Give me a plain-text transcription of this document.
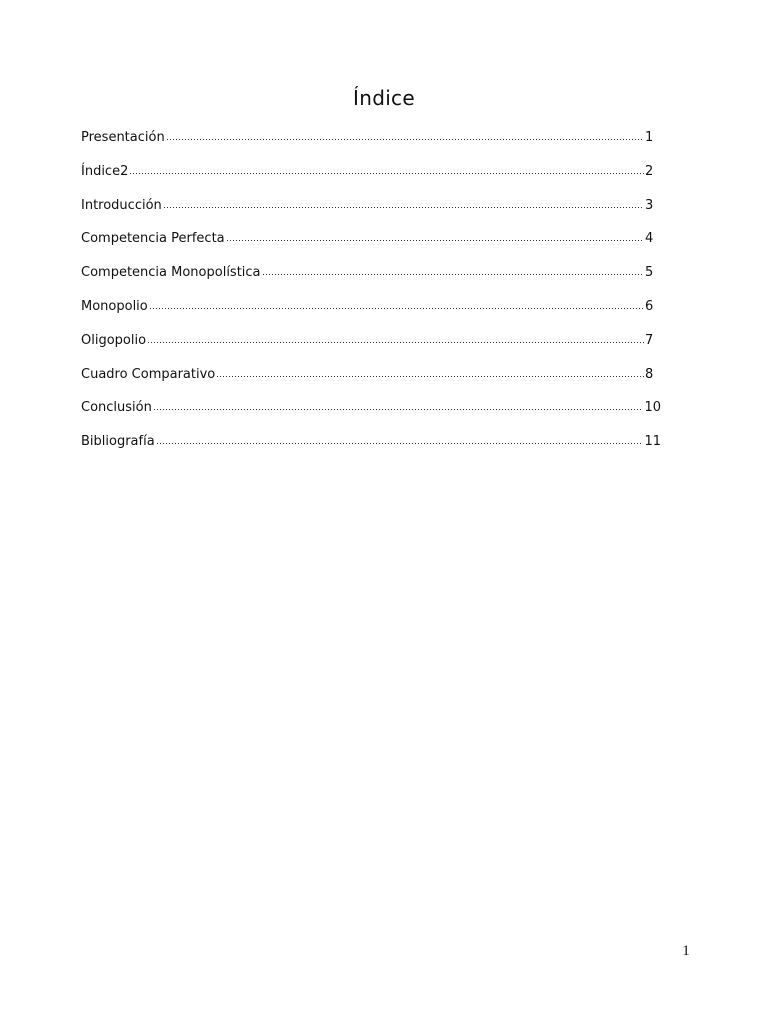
Índice
Presentación	1
Índice2	2
Introducción	3
Competencia Perfecta	4
Competencia Monopolística	5
Monopolio	6
Oligopolio	7
Cuadro Comparativo	8
Conclusión	10
Bibliografía	11
1
